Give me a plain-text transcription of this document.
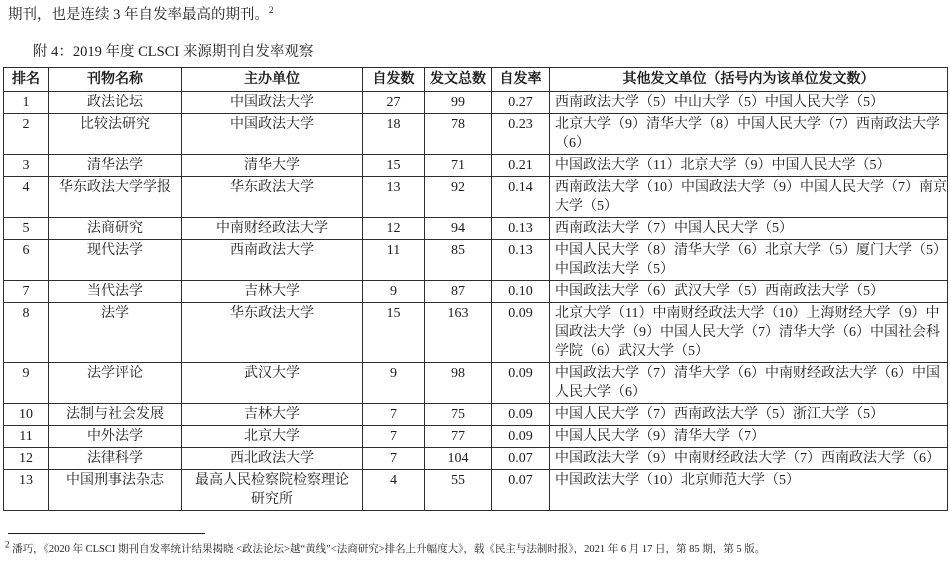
期刊，也是连续 3 年自发率最高的期刊。$^2$

附 4：2019 年度 CLSCI 来源期刊自发率观察

排名	刊物名称	主办单位	自发数	发文总数	自发率	其他发文单位（括号内为该单位发文数）
1	政法论坛	中国政法大学	27	99	0.27	西南政法大学（5）中山大学（5）中国人民大学（5）
2	比较法研究	中国政法大学	18	78	0.23	北京大学（9）清华大学（8）中国人民大学（7）西南政法大学（6）
3	清华法学	清华大学	15	71	0.21	中国政法大学（11）北京大学（9）中国人民大学（5）
4	华东政法大学学报	华东政法大学	13	92	0.14	西南政法大学（10）中国政法大学（9）中国人民大学（7）南京大学（5）
5	法商研究	中南财经政法大学	12	94	0.13	西南政法大学（7）中国人民大学（5）
6	现代法学	西南政法大学	11	85	0.13	中国人民大学（8）清华大学（6）北京大学（5）厦门大学（5）中国政法大学（5）
7	当代法学	吉林大学	9	87	0.10	中国政法大学（6）武汉大学（5）西南政法大学（5）
8	法学	华东政法大学	15	163	0.09	北京大学（11）中南财经政法大学（10）上海财经大学（9）中国政法大学（9）中国人民大学（7）清华大学（6）中国社会科学院（6）武汉大学（5）
9	法学评论	武汉大学	9	98	0.09	中国政法大学（7）清华大学（6）中南财经政法大学（6）中国人民大学（6）
10	法制与社会发展	吉林大学	7	75	0.09	中国人民大学（7）西南政法大学（5）浙江大学（5）
11	中外法学	北京大学	7	77	0.09	中国人民大学（9）清华大学（7）
12	法律科学	西北政法大学	7	104	0.07	中国政法大学（9）中南财经政法大学（7）西南政法大学（6）
13	中国刑事法杂志	最高人民检察院检察理论研究所	4	55	0.07	中国政法大学（10）北京师范大学（5）

$^2$ 潘巧，《2020 年 CLSCI 期刊自发率统计结果揭晓 <政法论坛>越“黄线”<法商研究>排名上升幅度大》，载《民主与法制时报》，2021 年 6 月 17 日，第 85 期，第 5 版。
